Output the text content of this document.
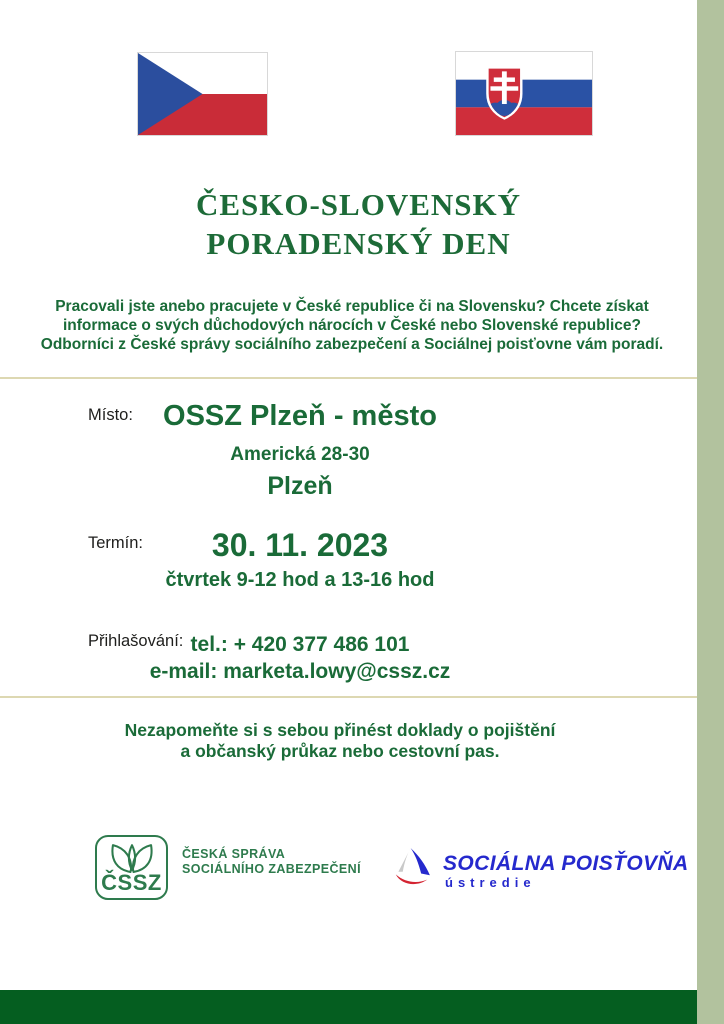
ČESKO-SLOVENSKÝ
PORADENSKÝ DEN
Pracovali jste anebo pracujete v České republice či na Slovensku? Chcete získat
informace o svých důchodových nárocích v České nebo Slovenské republice?
Odborníci z České správy sociálního zabezpečení a Sociálnej poisťovne vám poradí.
Místo:	OSSZ Plzeň - město
Americká 28-30
Plzeň
Termín:	30. 11. 2023
čtvrtek 9-12 hod a 13-16 hod
Přihlašování: tel.: + 420 377 486 101
e-mail: marketa.lowy@cssz.cz
Nezapomeňte si s sebou přinést doklady o pojištění
a občanský průkaz nebo cestovní pas.
ČSSZ
ČESKÁ SPRÁVA
SOCIÁLNÍHO ZABEZPEČENÍ	SOCIÁLNA POISŤOVŇA
ústredie
